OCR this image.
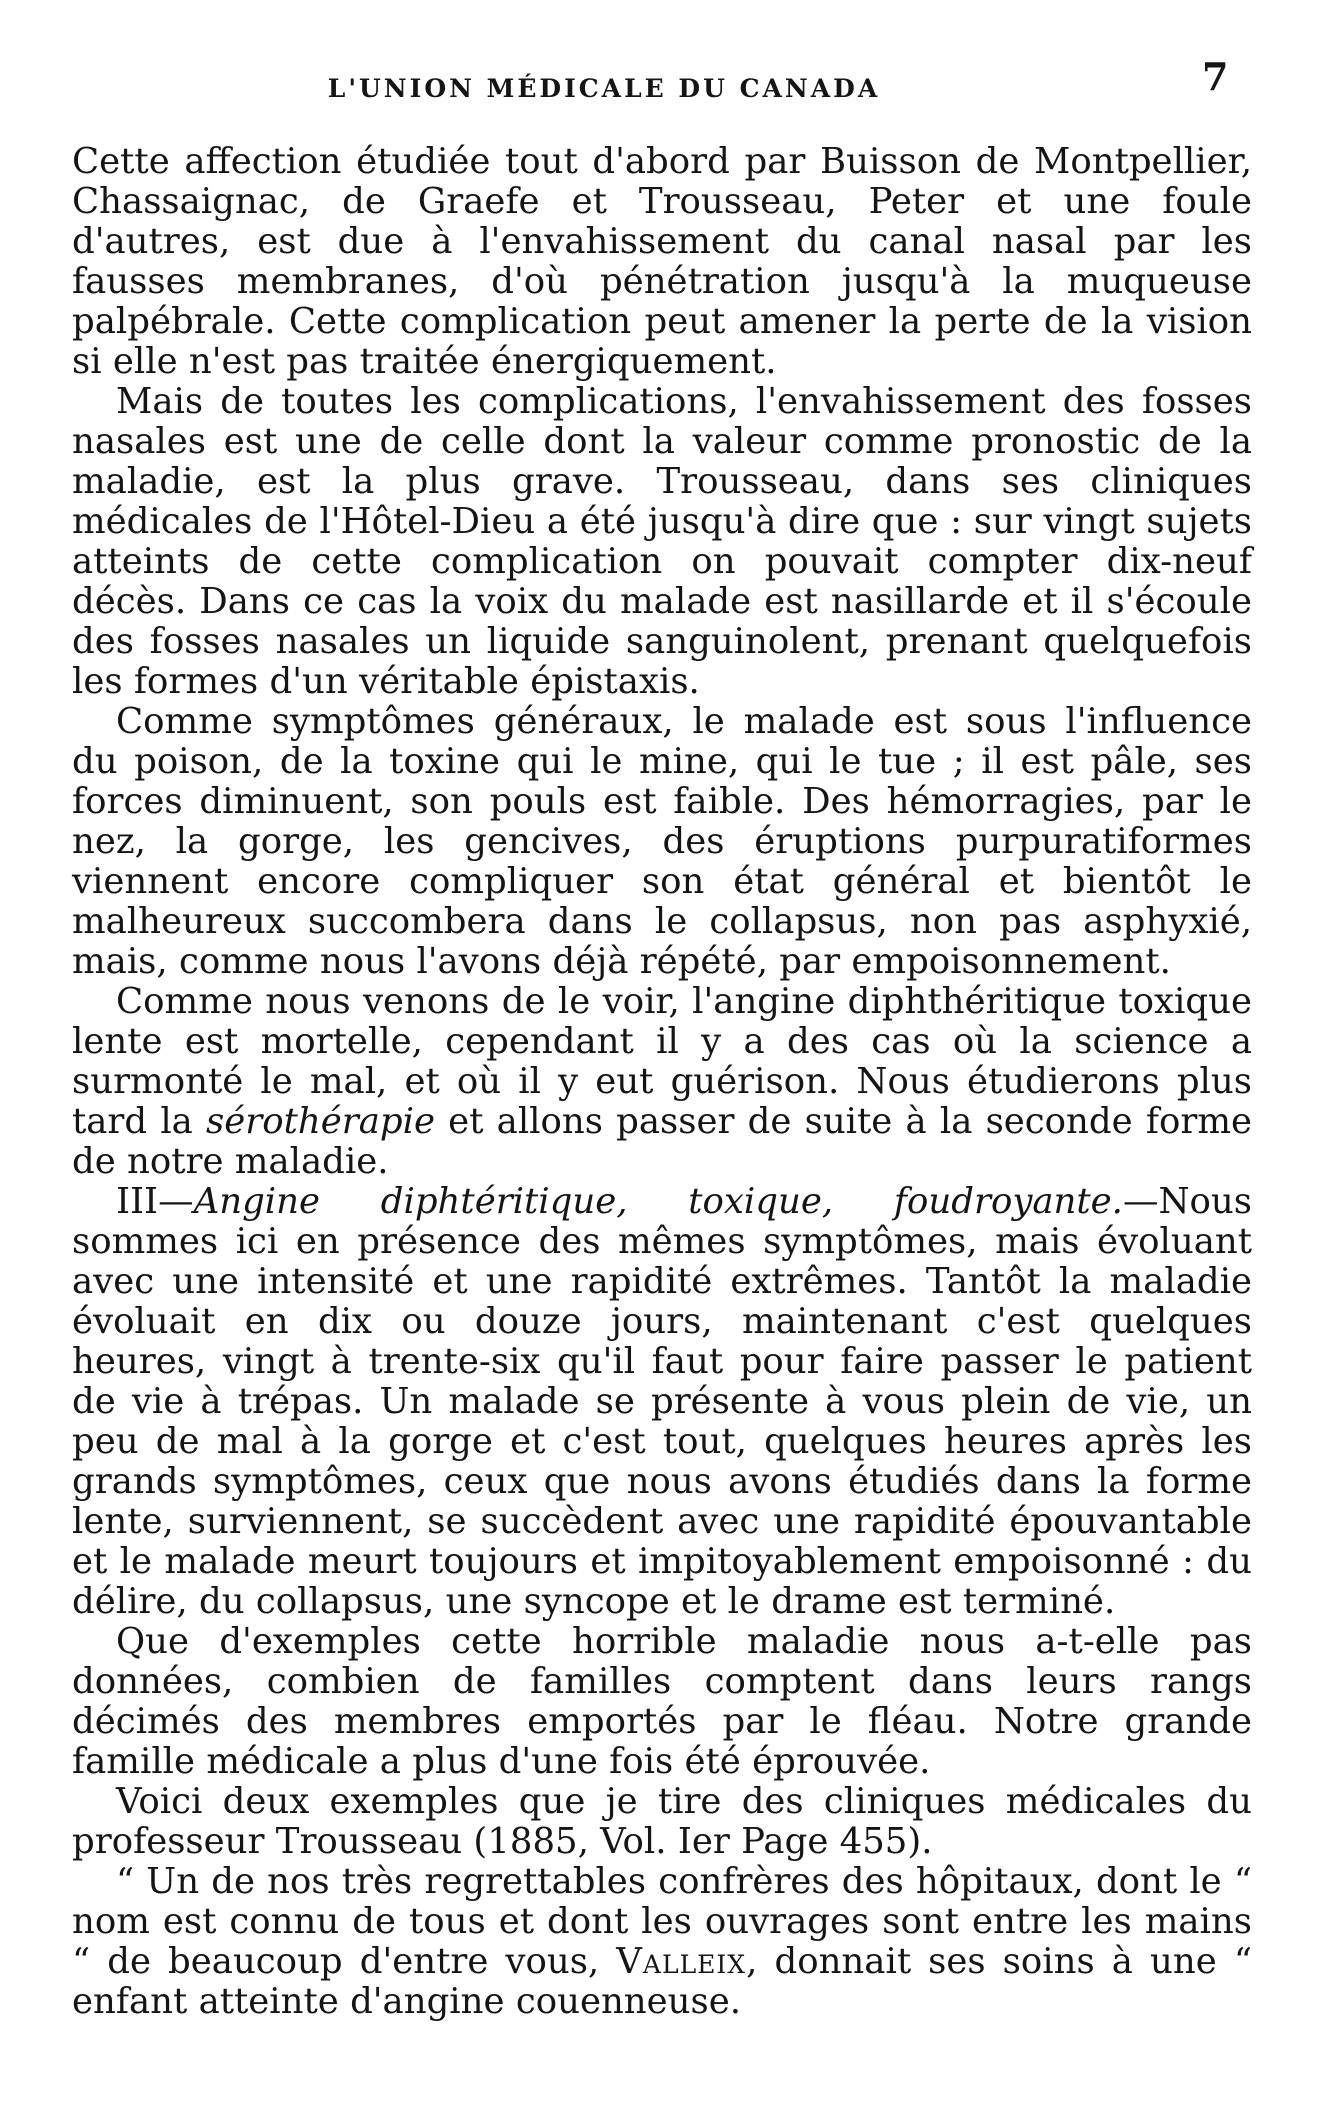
L'UNION MÉDICALE DU CANADA	7

Cette affection étudiée tout d'abord par Buisson de Montpellier, Chassaignac, de Graefe et Trousseau, Peter et une foule d'autres, est due à l'envahissement du canal nasal par les fausses membranes, d'où pénétration jusqu'à la muqueuse palpébrale. Cette complication peut amener la perte de la vision si elle n'est pas traitée énergiquement.

Mais de toutes les complications, l'envahissement des fosses nasales est une de celle dont la valeur comme pronostic de la maladie, est la plus grave. Trousseau, dans ses cliniques médicales de l'Hôtel-Dieu a été jusqu'à dire que : sur vingt sujets atteints de cette complication on pouvait compter dix-neuf décès. Dans ce cas la voix du malade est nasillarde et il s'écoule des fosses nasales un liquide sanguinolent, prenant quelquefois les formes d'un véritable épistaxis.

Comme symptômes généraux, le malade est sous l'influence du poison, de la toxine qui le mine, qui le tue ; il est pâle, ses forces diminuent, son pouls est faible. Des hémorragies, par le nez, la gorge, les gencives, des éruptions purpuratiformes viennent encore compliquer son état général et bientôt le malheureux succombera dans le collapsus, non pas asphyxié, mais, comme nous l'avons déjà répété, par empoisonnement.

Comme nous venons de le voir, l'angine diphthéritique toxique lente est mortelle, cependant il y a des cas où la science a surmonté le mal, et où il y eut guérison. Nous étudierons plus tard la sérothérapie et allons passer de suite à la seconde forme de notre maladie.

III—Angine diphtéritique, toxique, foudroyante.—Nous sommes ici en présence des mêmes symptômes, mais évoluant avec une intensité et une rapidité extrêmes. Tantôt la maladie évoluait en dix ou douze jours, maintenant c'est quelques heures, vingt à trente-six qu'il faut pour faire passer le patient de vie à trépas. Un malade se présente à vous plein de vie, un peu de mal à la gorge et c'est tout, quelques heures après les grands symptômes, ceux que nous avons étudiés dans la forme lente, surviennent, se succèdent avec une rapidité épouvantable et le malade meurt toujours et impitoyablement empoisonné : du délire, du collapsus, une syncope et le drame est terminé.

Que d'exemples cette horrible maladie nous a-t-elle pas données, combien de familles comptent dans leurs rangs décimés des membres emportés par le fléau. Notre grande famille médicale a plus d'une fois été éprouvée.

Voici deux exemples que je tire des cliniques médicales du professeur Trousseau (1885, Vol. Ier Page 455).

“ Un de nos très regrettables confrères des hôpitaux, dont le “ nom est connu de tous et dont les ouvrages sont entre les mains “ de beaucoup d'entre vous, Valleix, donnait ses soins à une “ enfant atteinte d'angine couenneuse.
